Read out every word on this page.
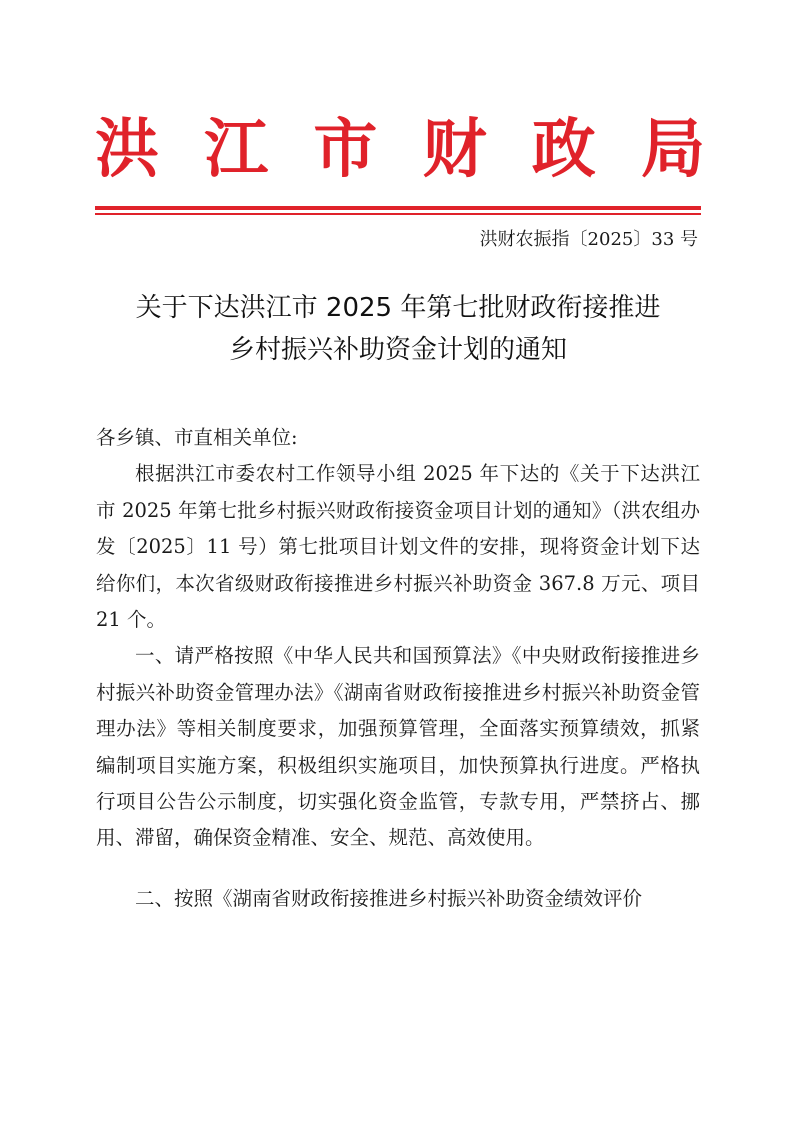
洪 江 市 财 政 局
洪财农振指〔2025〕33 号
关于下达洪江市 2025 年第七批财政衔接推进
乡村振兴补助资金计划的通知

各乡镇、市直相关单位:

根据洪江市委农村工作领导小组 2025 年下达的《关于下达洪江市 2025 年第七批乡村振兴财政衔接资金项目计划的通知》（洪农组办发〔2025〕11 号）第七批项目计划文件的安排，现将资金计划下达给你们，本次省级财政衔接推进乡村振兴补助资金 367.8 万元、项目 21 个。

一、请严格按照《中华人民共和国预算法》《中央财政衔接推进乡村振兴补助资金管理办法》《湖南省财政衔接推进乡村振兴补助资金管理办法》等相关制度要求，加强预算管理，全面落实预算绩效，抓紧编制项目实施方案，积极组织实施项目，加快预算执行进度。严格执行项目公告公示制度，切实强化资金监管，专款专用，严禁挤占、挪用、滞留，确保资金精准、安全、规范、高效使用。

二、按照《湖南省财政衔接推进乡村振兴补助资金绩效评价
